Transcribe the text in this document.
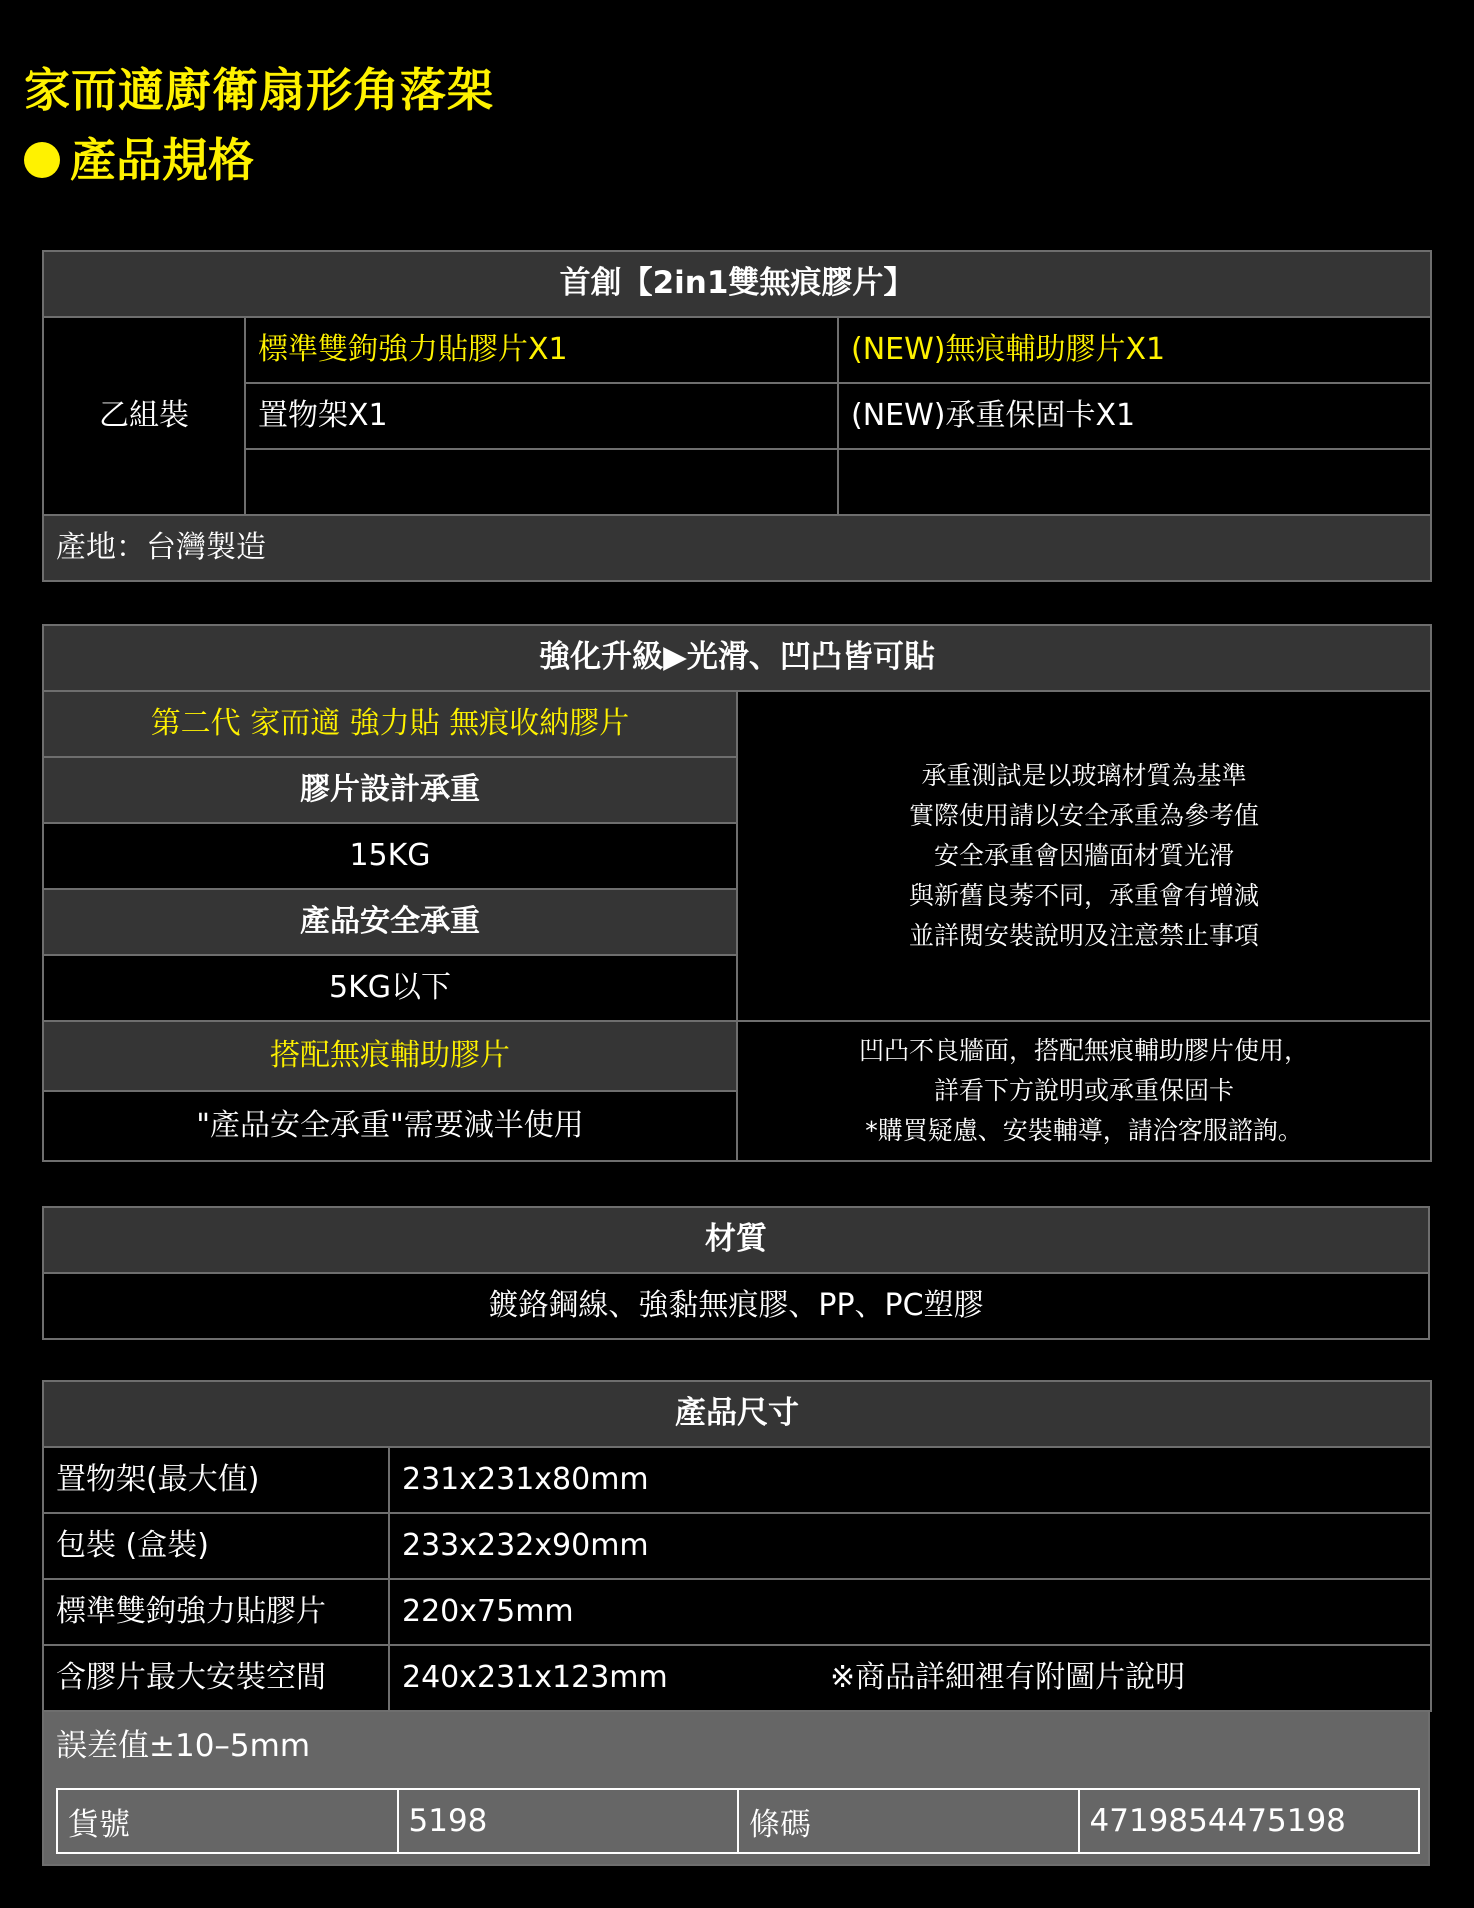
家而適廚衛扇形角落架
產品規格
首創【2in1雙無痕膠片】		
乙組裝	標準雙鉤強力貼膠片X1	(NEW)無痕輔助膠片X1
	置物架X1	(NEW)承重保固卡X1

產地：台灣製造		
強化升級▶光滑、凹凸皆可貼	
第二代 家而適 強力貼 無痕收納膠片	承重測試是以玻璃材質為基準
實際使用請以安全承重為參考值
安全承重會因牆面材質光滑
與新舊良莠不同，承重會有增減
並詳閱安裝說明及注意禁止事項

膠片設計承重	
15KG	
產品安全承重	
5KG以下	
搭配無痕輔助膠片	凹凸不良牆面，搭配無痕輔助膠片使用，
詳看下方說明或承重保固卡
*購買疑慮、安裝輔導，請洽客服諮詢。

"產品安全承重"需要減半使用	
材質
鍍鉻鋼線、強黏無痕膠、PP、PC塑膠
產品尺寸	
置物架(最大值)	231x231x80mm
包裝 (盒裝)	233x232x90mm
標準雙鉤強力貼膠片	220x75mm
含膠片最大安裝空間	240x231x123mm ※商品詳細裡有附圖片說明
誤差值±10–5mm
貨號	5198	條碼	4719854475198
